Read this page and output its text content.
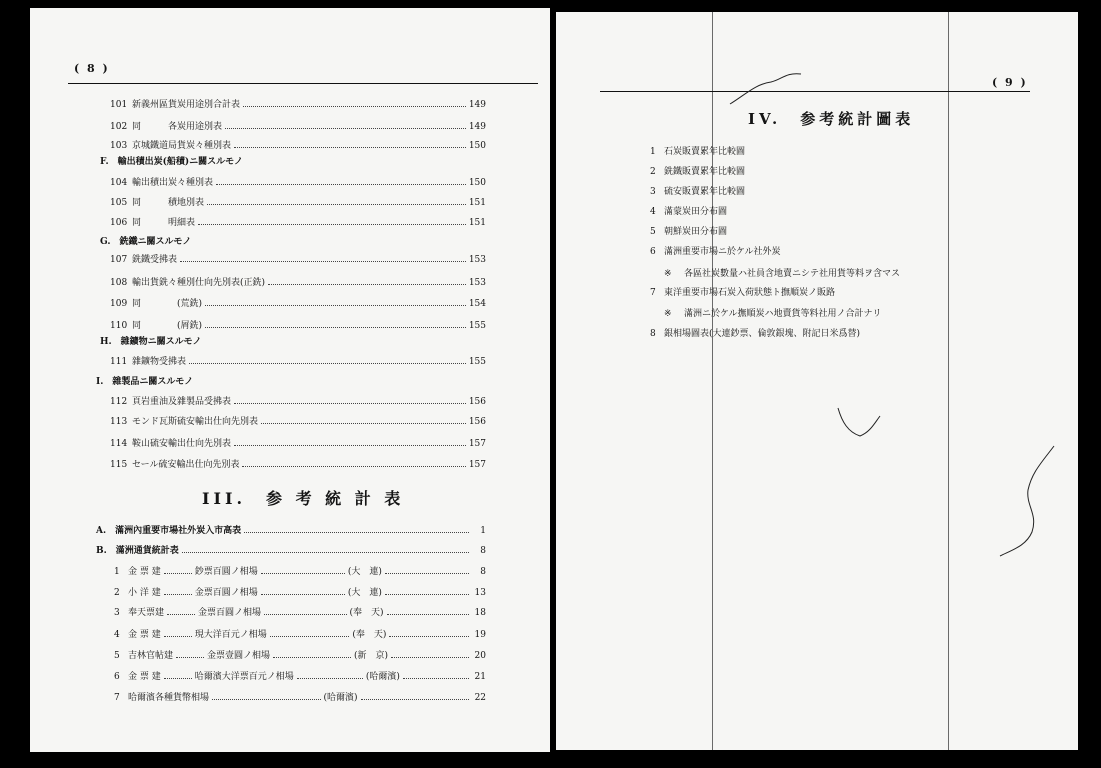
( 8 )
101 新義州區貨炭用途別合計表	149
102 同　　　各炭用途別表	149
103 京城鐵道局貨炭々種別表	150
F.　輸出積出炭(船積)ニ關スルモノ
104 輸出積出炭々種別表	150
105 同　　　積地別表	151
106 同　　　明細表	151
G.　銑鐵ニ關スルモノ
107 銑鐵受拂表	153
108 輸出貨銑々種別仕向先別表(正銑)	153
109 同　　　　(荒銑)	154
110 同　　　　(屑銑)	155
H.　雜鑛物ニ關スルモノ
111 雜鑛物受拂表	155
I.　雜製品ニ關スルモノ
112 頁岩重油及雜製品受拂表	156
113 モンド瓦斯硫安輸出仕向先別表	156
114 鞍山硫安輸出仕向先別表	157
115 セール硫安輸出仕向先別表	157
III.　参 考 統 計 表
A.　滿洲內重要市場社外炭入市高表	1
B.　滿洲通貨統計表	8
1 金 票 建	鈔票百圓ノ相場	(大　連)	8
2 小 洋 建	金票百圓ノ相場	(大　連)	13
3 奉天票建	金票百圓ノ相場	(奉　天)	18
4 金 票 建	現大洋百元ノ相場	(奉　天)	19
5 吉林官帖建	金票壹圓ノ相場	(新　京)	20
6 金 票 建	哈爾濱大洋票百元ノ相場	(哈爾濱)	21
7 哈爾濱各種貨幣相場	(哈爾濱)	22
( 9 )
IV.　参考統計圖表
1 石炭販賣累年比較圖
2 銑鐵販賣累年比較圖
3 硫安販賣累年比較圖
4 滿蒙炭田分布圖
5 朝鮮炭田分布圖
6 滿洲重要市場ニ於ケル社外炭
※ 各區社炭數量ハ社員含地賣ニシテ社用貨等料ヲ含マス
7 東洋重要市場石炭入荷狀態ト撫順炭ノ販路
※ 滿洲ニ於ケル撫順炭ハ地賣貨等料社用ノ合計ナリ
8 銀相場圖表(大連鈔票、倫敦銀塊、附記日米爲替)
